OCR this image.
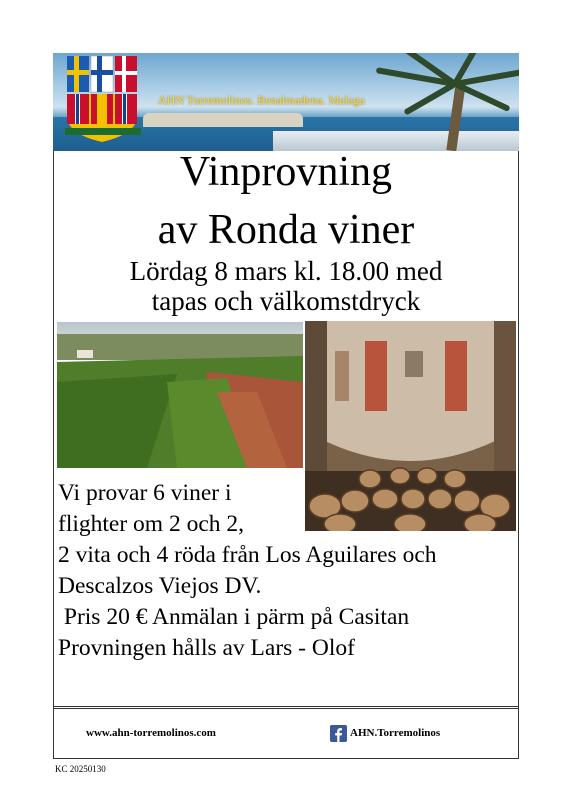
AHN Torremolinos. Benalmadena. Malaga
Vinprovning
av Ronda viner
Lördag 8 mars kl. 18.00 med
tapas och välkomstdryck
Vi provar 6 viner i
flighter om 2 och 2,
2 vita och 4 röda från Los Aguilares och
Descalzos Viejos DV.
Pris 20 € Anmälan i pärm på Casitan
Provningen hålls av Lars - Olof
www.ahn-torremolinos.com	AHN.Torremolinos
KC 20250130
